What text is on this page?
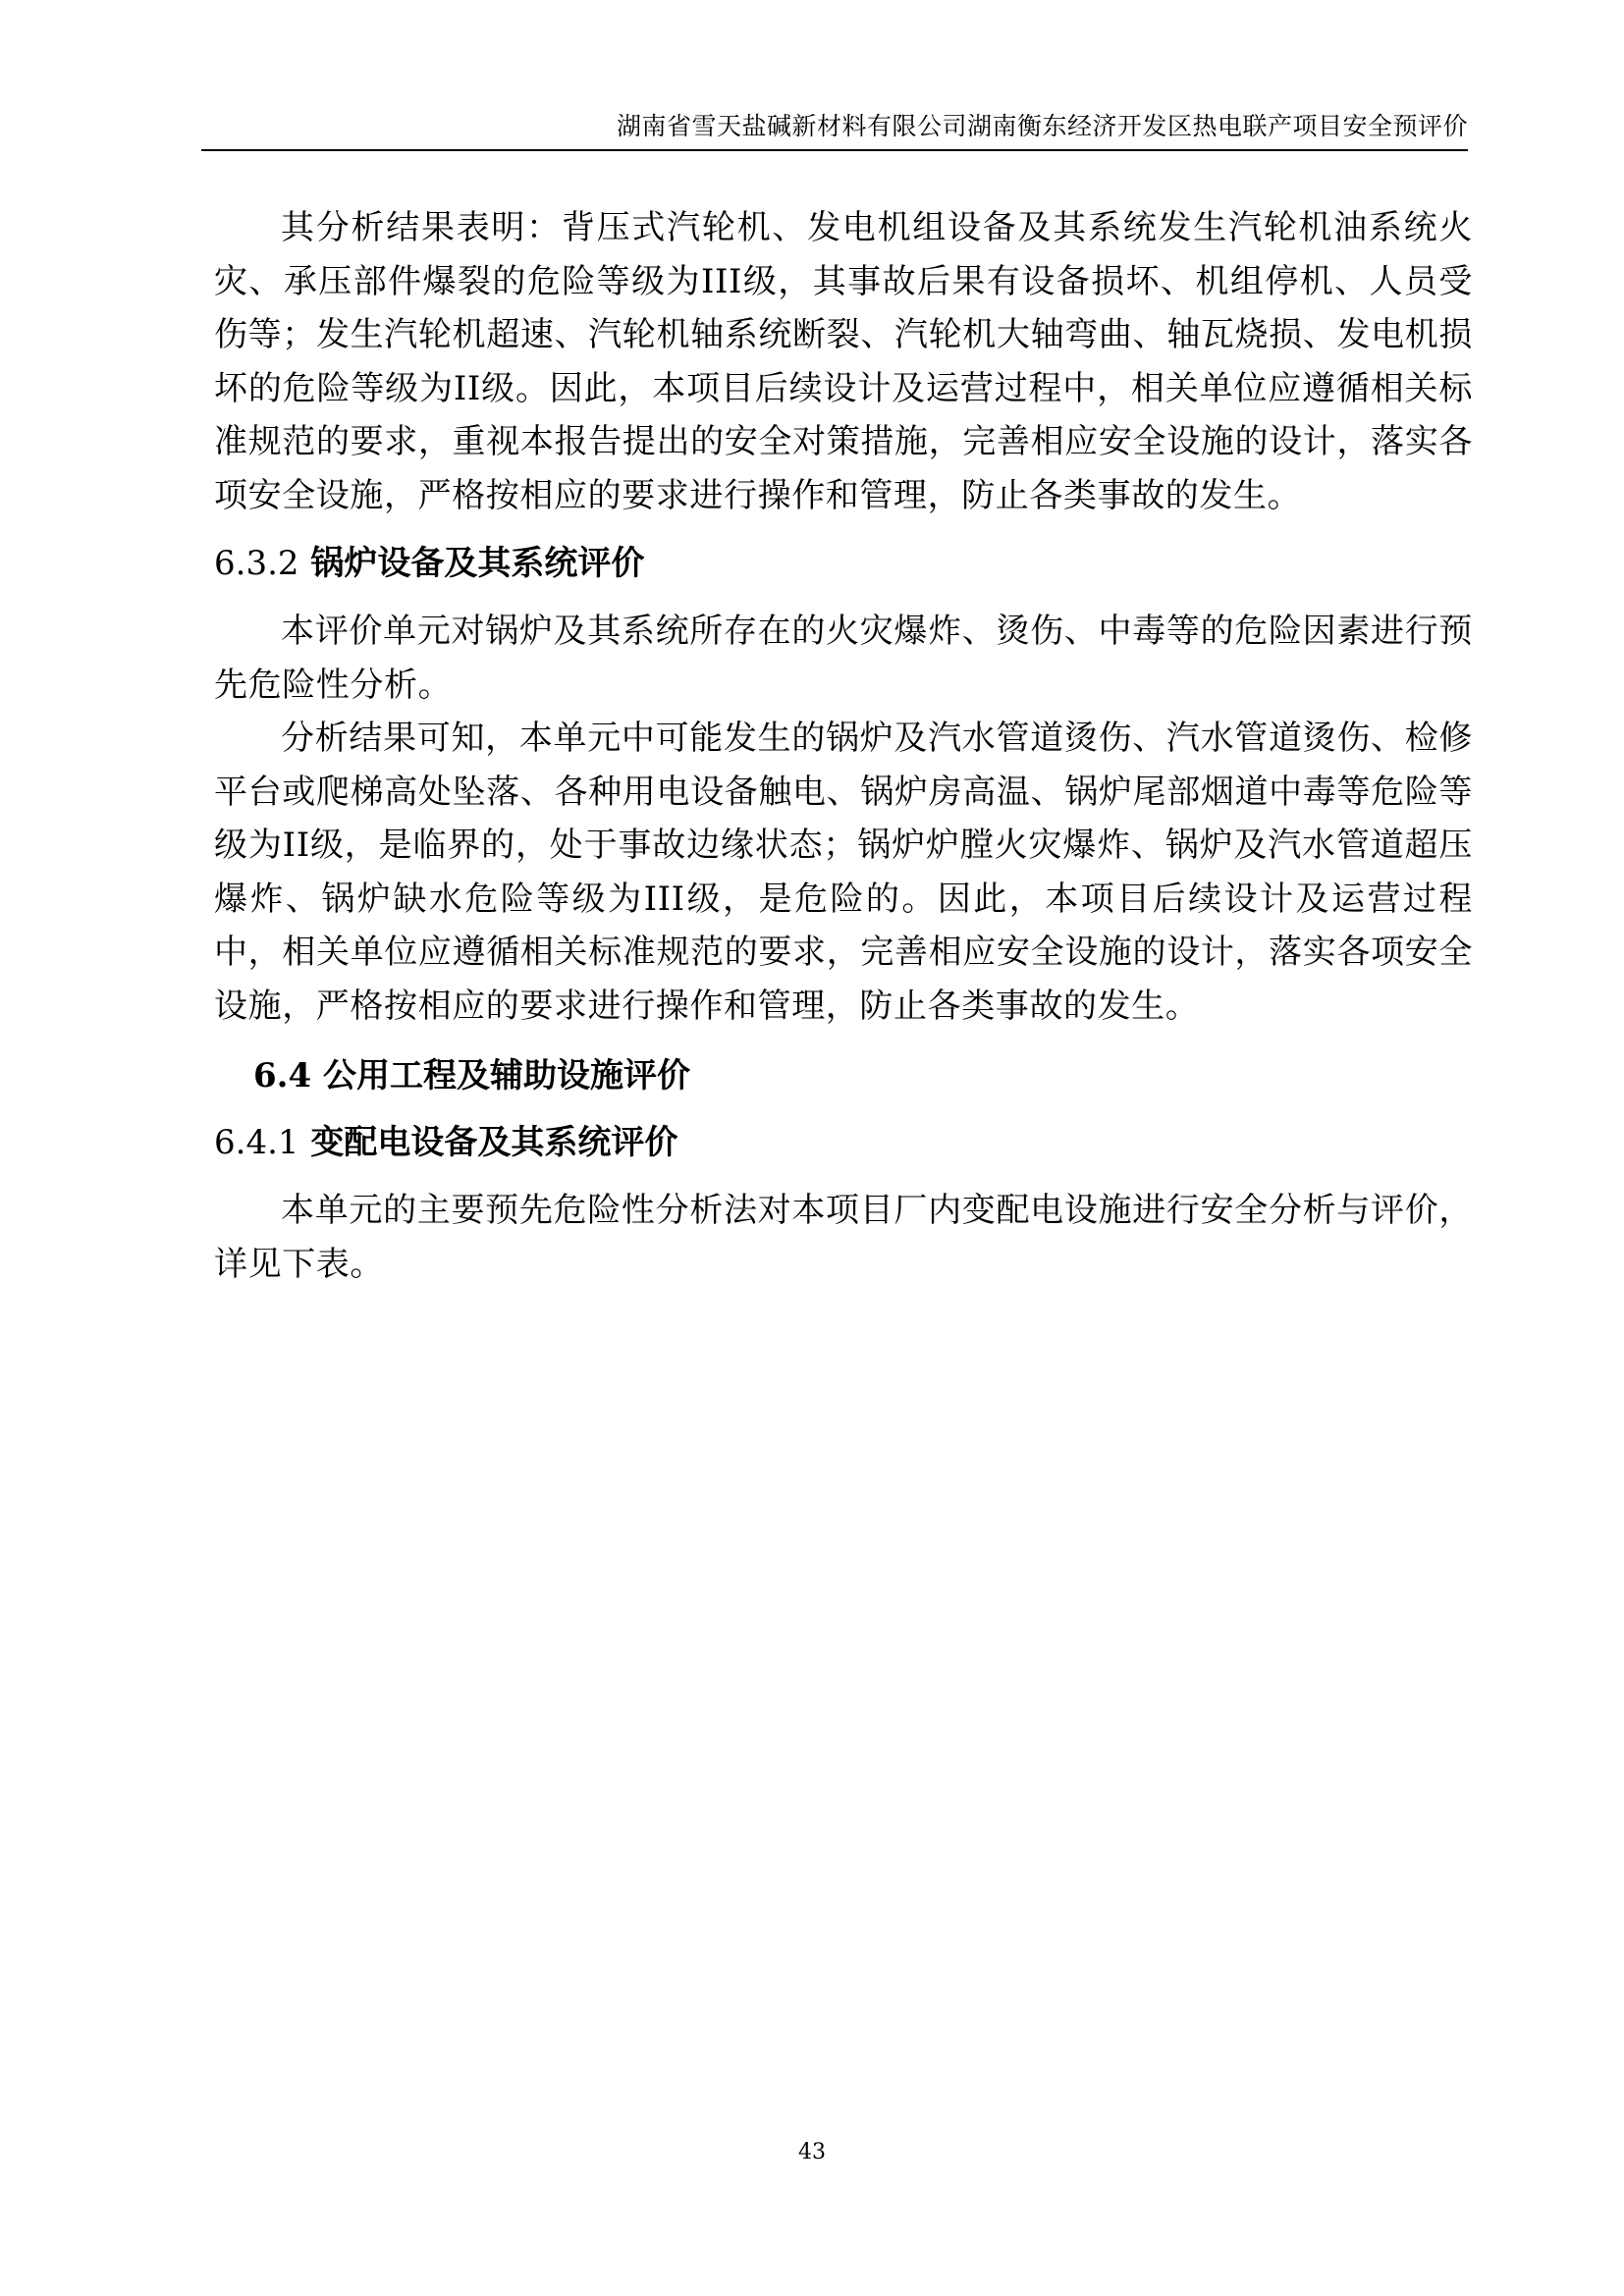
湖南省雪天盐碱新材料有限公司湖南衡东经济开发区热电联产项目安全预评价

其分析结果表明：背压式汽轮机、发电机组设备及其系统发生汽轮机油系统火灾、承压部件爆裂的危险等级为III级，其事故后果有设备损坏、机组停机、人员受伤等；发生汽轮机超速、汽轮机轴系统断裂、汽轮机大轴弯曲、轴瓦烧损、发电机损坏的危险等级为II级。因此，本项目后续设计及运营过程中，相关单位应遵循相关标准规范的要求，重视本报告提出的安全对策措施，完善相应安全设施的设计，落实各项安全设施，严格按相应的要求进行操作和管理，防止各类事故的发生。

6.3.2 锅炉设备及其系统评价

本评价单元对锅炉及其系统所存在的火灾爆炸、烫伤、中毒等的危险因素进行预先危险性分析。

分析结果可知，本单元中可能发生的锅炉及汽水管道烫伤、汽水管道烫伤、检修平台或爬梯高处坠落、各种用电设备触电、锅炉房高温、锅炉尾部烟道中毒等危险等级为II级，是临界的，处于事故边缘状态；锅炉炉膛火灾爆炸、锅炉及汽水管道超压爆炸、锅炉缺水危险等级为III级，是危险的。因此，本项目后续设计及运营过程中，相关单位应遵循相关标准规范的要求，完善相应安全设施的设计，落实各项安全设施，严格按相应的要求进行操作和管理，防止各类事故的发生。

6.4 公用工程及辅助设施评价
6.4.1 变配电设备及其系统评价

本单元的主要预先危险性分析法对本项目厂内变配电设施进行安全分析与评价，详见下表。

43
